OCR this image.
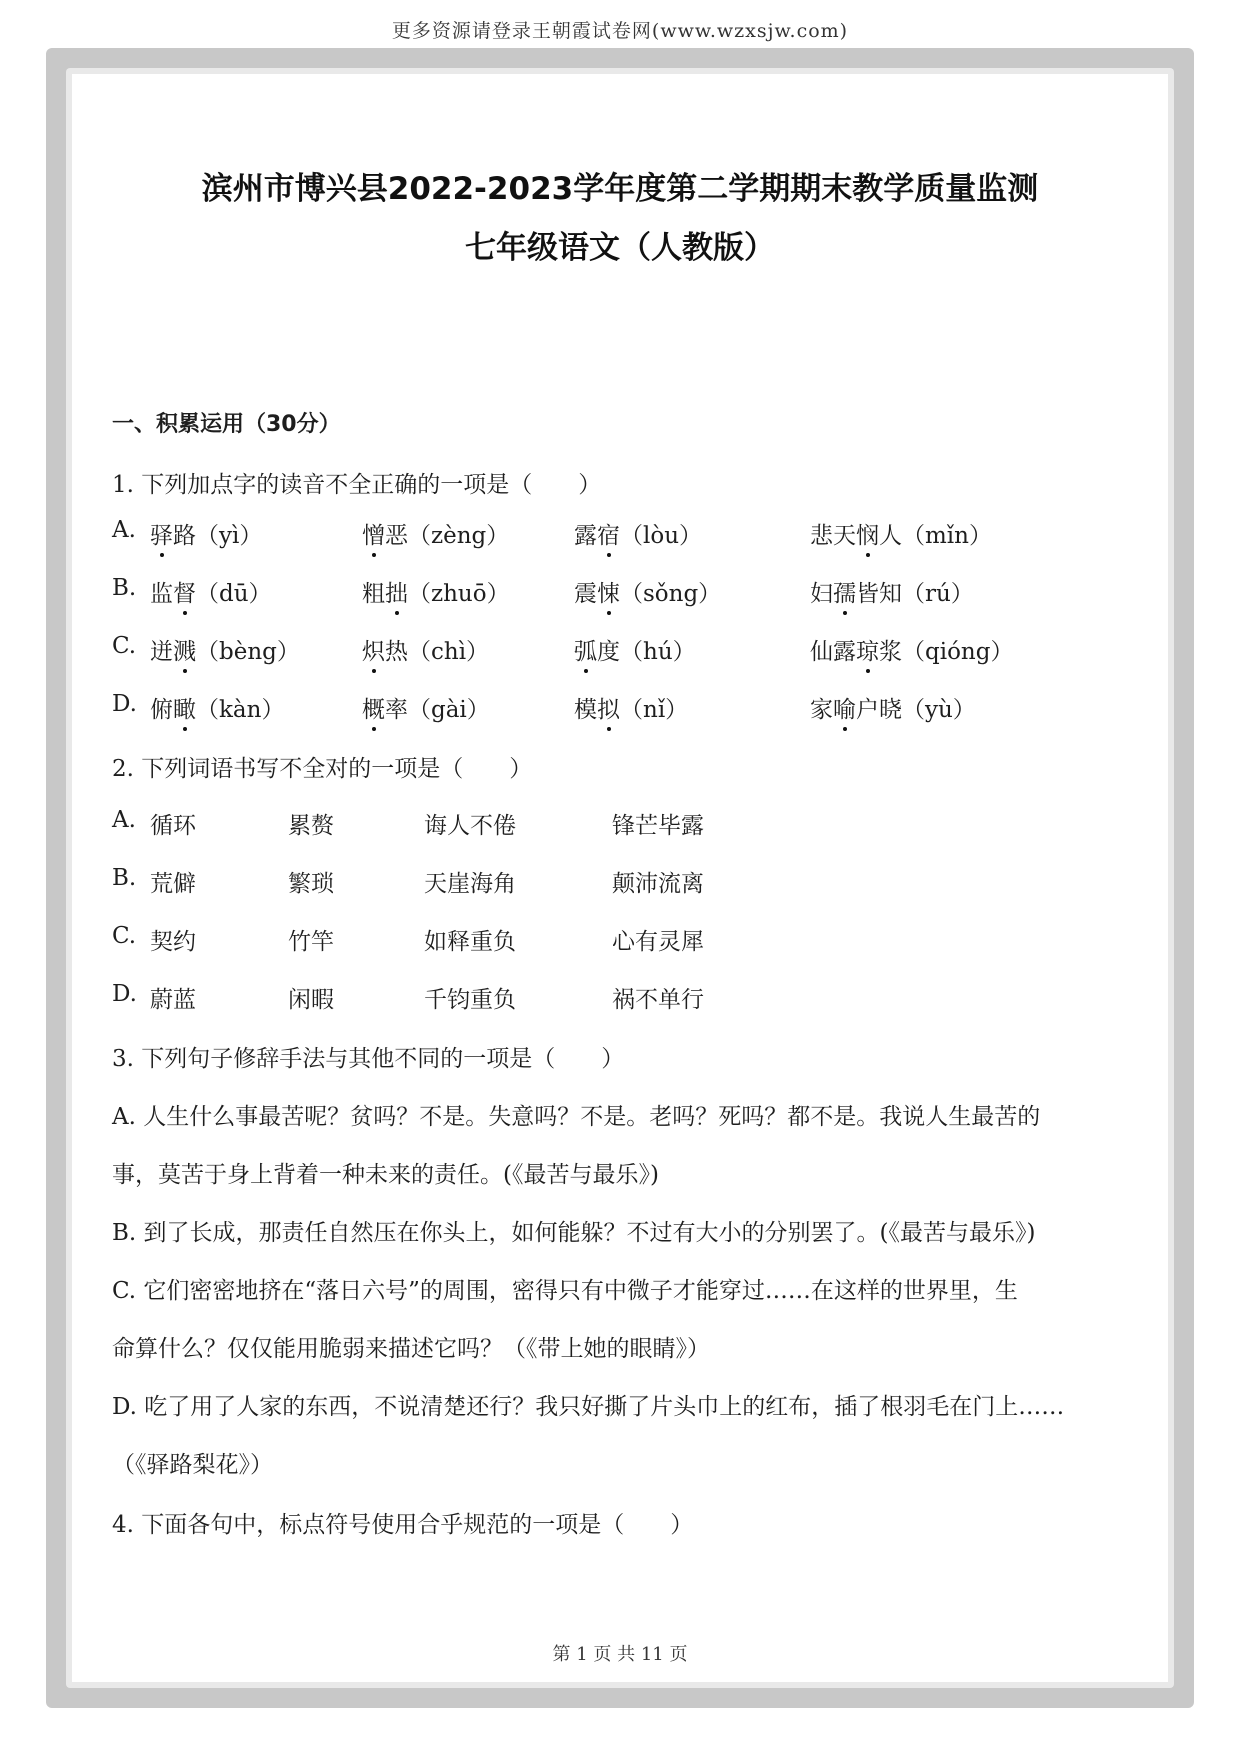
更多资源请登录王朝霞试卷网(www.wzxsjw.com)
滨州市博兴县2022-2023学年度第二学期期末教学质量监测
七年级语文（人教版）
一、积累运用（30分）
1. 下列加点字的读音不全正确的一项是（　　）
A. 驿路（yì）	憎恶（zèng）	露宿（lòu）	悲天悯人（mǐn）
B. 监督（dū）	粗拙（zhuō）	震悚（sǒng）	妇孺皆知（rú）
C. 迸溅（bèng）	炽热（chì）	弧度（hú）	仙露琼浆（qióng）
D. 俯瞰（kàn）	概率（gài）	模拟（nǐ）	家喻户晓（yù）
2. 下列词语书写不全对的一项是（　　）
A. 循环	累赘	诲人不倦	锋芒毕露
B. 荒僻	繁琐	天崖海角	颠沛流离
C. 契约	竹竿	如释重负	心有灵犀
D. 蔚蓝	闲暇	千钧重负	祸不单行
3. 下列句子修辞手法与其他不同的一项是（　　）
A. 人生什么事最苦呢？贫吗？不是。失意吗？不是。老吗？死吗？都不是。我说人生最苦的
事，莫苦于身上背着一种未来的责任。(《最苦与最乐》)
B. 到了长成，那责任自然压在你头上，如何能躲？不过有大小的分别罢了。(《最苦与最乐》)
C. 它们密密地挤在“落日六号”的周围，密得只有中微子才能穿过……在这样的世界里，生
命算什么？仅仅能用脆弱来描述它吗？（《带上她的眼睛》）
D. 吃了用了人家的东西，不说清楚还行？我只好撕了片头巾上的红布，插了根羽毛在门上……
（《驿路梨花》）
4. 下面各句中，标点符号使用合乎规范的一项是（　　）
第 1 页 共 11 页
